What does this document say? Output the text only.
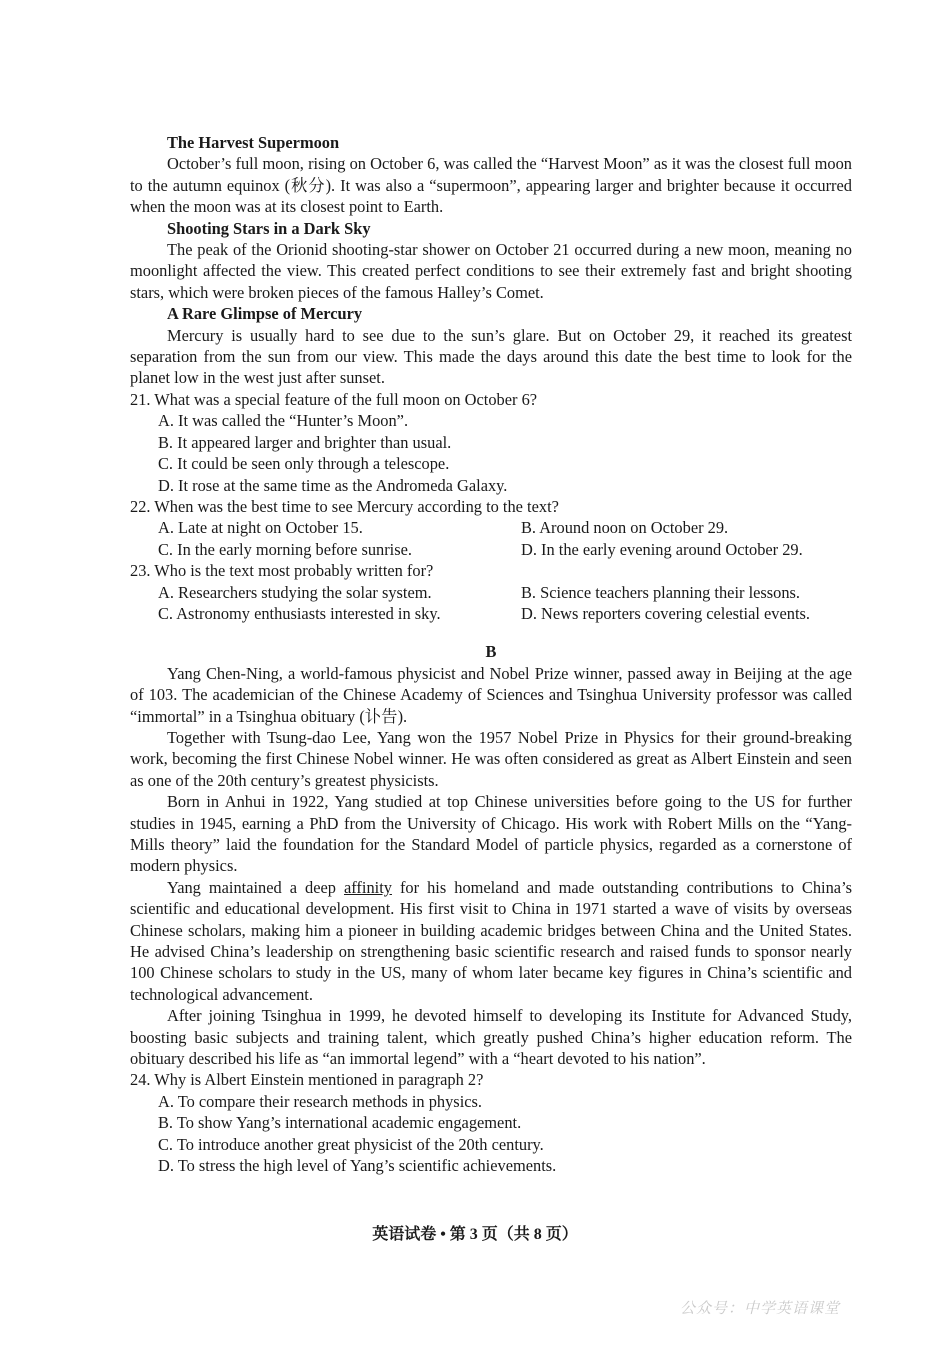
The Harvest Supermoon

October’s full moon, rising on October 6, was called the “Harvest Moon” as it was the closest full moon to the autumn equinox (秋分). It was also a “supermoon”, appearing larger and brighter because it occurred when the moon was at its closest point to Earth.

Shooting Stars in a Dark Sky

The peak of the Orionid shooting-star shower on October 21 occurred during a new moon, meaning no moonlight affected the view. This created perfect conditions to see their extremely fast and bright shooting stars, which were broken pieces of the famous Halley’s Comet.

A Rare Glimpse of Mercury

Mercury is usually hard to see due to the sun’s glare. But on October 29, it reached its greatest separation from the sun from our view. This made the days around this date the best time to look for the planet low in the west just after sunset.

21. What was a special feature of the full moon on October 6?
A. It was called the “Hunter’s Moon”.
B. It appeared larger and brighter than usual.
C. It could be seen only through a telescope.
D. It rose at the same time as the Andromeda Galaxy.
22. When was the best time to see Mercury according to the text?
A. Late at night on October 15.	B. Around noon on October 29.
C. In the early morning before sunrise.	D. In the early evening around October 29.
23. Who is the text most probably written for?
A. Researchers studying the solar system.	B. Science teachers planning their lessons.
C. Astronomy enthusiasts interested in sky.	D. News reporters covering celestial events.
B

Yang Chen-Ning, a world-famous physicist and Nobel Prize winner, passed away in Beijing at the age of 103. The academician of the Chinese Academy of Sciences and Tsinghua University professor was called “immortal” in a Tsinghua obituary (讣告).

Together with Tsung-dao Lee, Yang won the 1957 Nobel Prize in Physics for their ground-breaking work, becoming the first Chinese Nobel winner. He was often considered as great as Albert Einstein and seen as one of the 20th century’s greatest physicists.

Born in Anhui in 1922, Yang studied at top Chinese universities before going to the US for further studies in 1945, earning a PhD from the University of Chicago. His work with Robert Mills on the “Yang-Mills theory” laid the foundation for the Standard Model of particle physics, regarded as a cornerstone of modern physics.

Yang maintained a deep affinity for his homeland and made outstanding contributions to China’s scientific and educational development. His first visit to China in 1971 started a wave of visits by overseas Chinese scholars, making him a pioneer in building academic bridges between China and the United States. He advised China’s leadership on strengthening basic scientific research and raised funds to sponsor nearly 100 Chinese scholars to study in the US, many of whom later became key figures in China’s scientific and technological advancement.

After joining Tsinghua in 1999, he devoted himself to developing its Institute for Advanced Study, boosting basic subjects and training talent, which greatly pushed China’s higher education reform. The obituary described his life as “an immortal legend” with a “heart devoted to his nation”.

24. Why is Albert Einstein mentioned in paragraph 2?
A. To compare their research methods in physics.
B. To show Yang’s international academic engagement.
C. To introduce another great physicist of the 20th century.
D. To stress the high level of Yang’s scientific achievements.
英语试卷 • 第 3 页（共 8 页）
公众号：中学英语课堂
